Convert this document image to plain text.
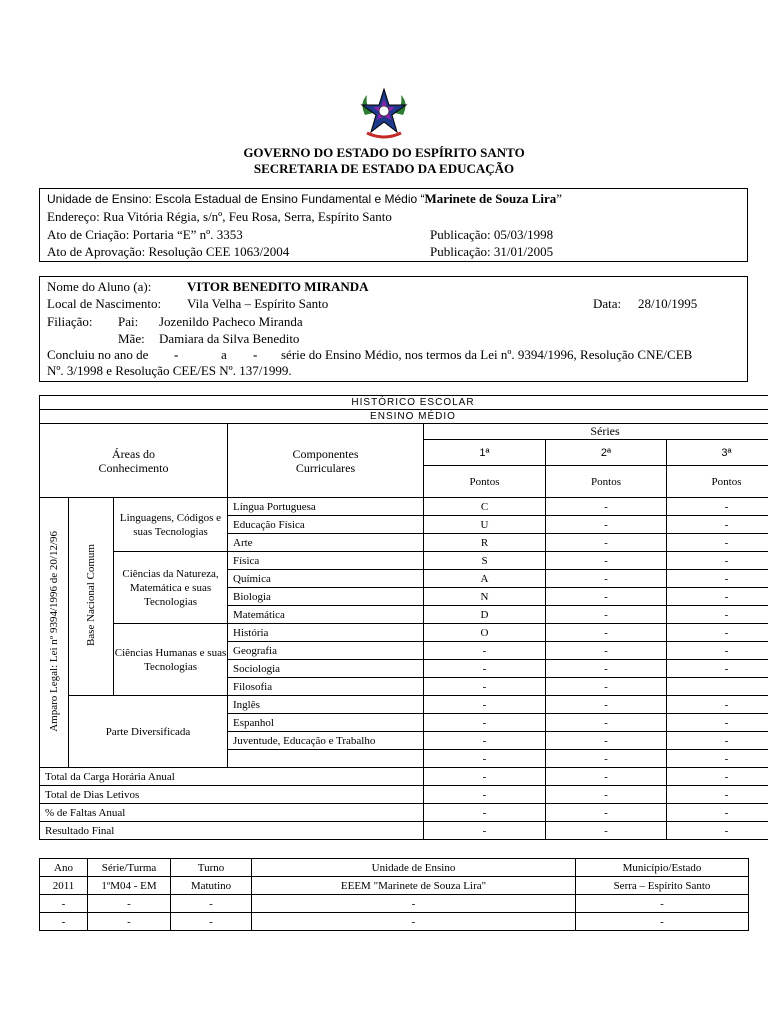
GOVERNO DO ESTADO DO ESPÍRITO SANTO
SECRETARIA DE ESTADO DA EDUCAÇÃO
Unidade de Ensino: Escola Estadual de Ensino Fundamental e Médio “Marinete de Souza Lira”
Endereço: Rua Vitória Régia, s/nº, Feu Rosa, Serra, Espírito Santo
Ato de Criação: Portaria “E” nº. 3353	Publicação: 05/03/1998
Ato de Aprovação: Resolução CEE 1063/2004	Publicação: 31/01/2005
Nome do Aluno (a):	VITOR BENEDITO MIRANDA
Local de Nascimento: Vila Velha – Espírito Santo	Data: 28/10/1995
Filiação: Pai: Jozenildo Pacheco Miranda
Mãe: Damiara da Silva Benedito
Concluiu no ano de -	a - série do Ensino Médio, nos termos da Lei nº. 9394/1996, Resolução CNE/CEB
Nº. 3/1998 e Resolução CEE/ES Nº. 137/1999.
HISTÓRICO ESCOLAR						
ENSINO MÉDIO						
Áreas do Conhecimento			Componentes Curriculares	Séries		
				1ª	2ª	3ª
				Pontos	Pontos	Pontos
Amparo Legal: Lei nº 9394/1996 de 20/12/96	Base Nacional Comum	Linguagens, Códigos e suas Tecnologias	Língua Portuguesa	C	-	-
			Educação Física	U	-	-
			Arte	R	-	-
		Ciências da Natureza, Matemática e suas Tecnologias	Física	S	-	-
			Química	A	-	-
			Biologia	N	-	-
			Matemática	D	-	-
		Ciências Humanas e suas Tecnologias	História	O	-	-
			Geografia	-	-	-
			Sociologia	-	-	-
			Filosofia	-	-	
	Parte Diversificada		Inglês	-	-	-
			Espanhol	-	-	-
			Juventude, Educação e Trabalho	-	-	-
				-	-	-
Total da Carga Horária Anual				-	-	-
Total de Dias Letivos				-	-	-
% de Faltas Anual				-	-	-
Resultado Final				-	-	-
Ano	Série/Turma	Turno	Unidade de Ensino	Município/Estado
2011	1ºM04 - EM	Matutino	EEEM "Marinete de Souza Lira"	Serra – Espírito Santo
-	-	-	-	-
-	-	-	-	-
